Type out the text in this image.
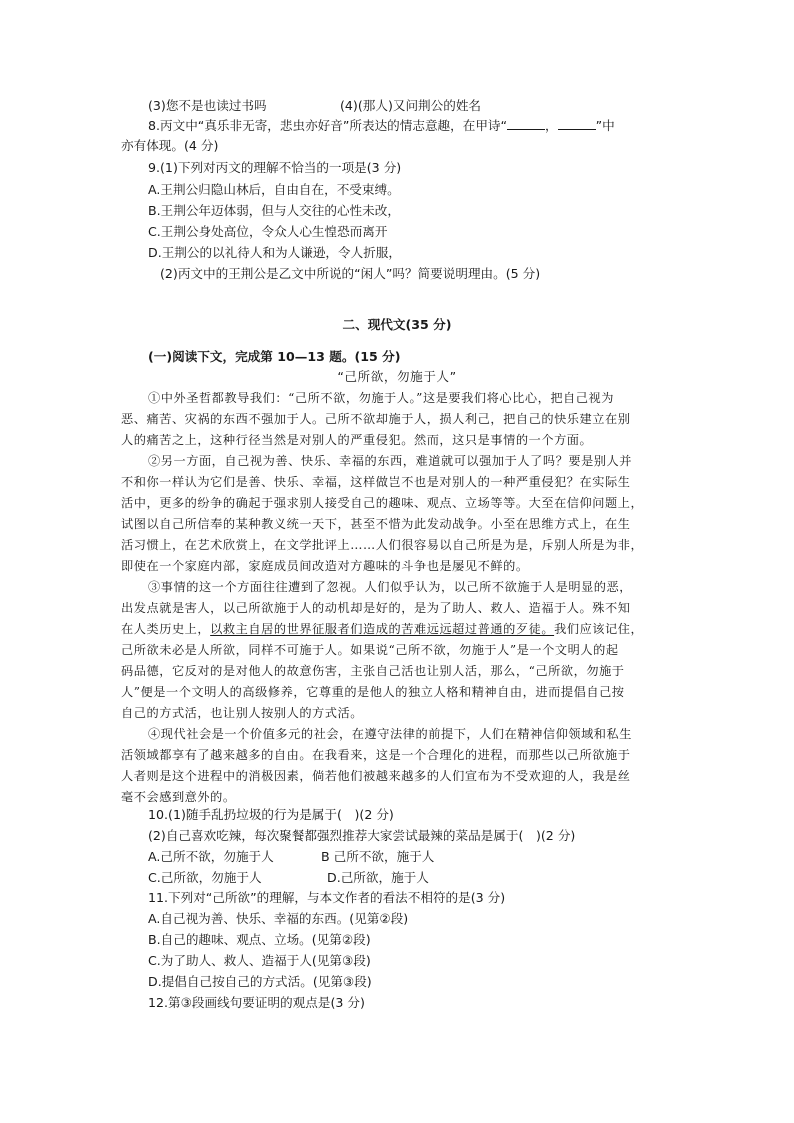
(3)您不是也读过书吗	(4)(那人)又问荆公的姓名
8.丙文中“真乐非无寄，悲虫亦好音”所表达的情志意趣，在甲诗“	，	”中
亦有体现。(4 分)
9.(1)下列对丙文的理解不恰当的一项是(3 分)
A.王荆公归隐山林后，自由自在，不受束缚。
B.王荆公年迈体弱，但与人交往的心性未改，
C.王荆公身处高位，令众人心生惶恐而离开
D.王荆公的以礼待人和为人谦逊，令人折服，
(2)丙文中的王荆公是乙文中所说的“闲人”吗？简要说明理由。(5 分)
二、现代文(35 分)
(一)阅读下文，完成第 10—13 题。(15 分)
“己所欲，勿施于人”
①中外圣哲都教导我们：“己所不欲，勿施于人。”这是要我们将心比心，把自己视为
恶、痛苦、灾祸的东西不强加于人。己所不欲却施于人，损人利己，把自己的快乐建立在别
人的痛苦之上，这种行径当然是对别人的严重侵犯。然而，这只是事情的一个方面。
②另一方面，自己视为善、快乐、幸福的东西，难道就可以强加于人了吗？要是别人并
不和你一样认为它们是善、快乐、幸福，这样做岂不也是对别人的一种严重侵犯？在实际生
活中，更多的纷争的确起于强求别人接受自己的趣味、观点、立场等等。大至在信仰问题上，
试图以自己所信奉的某种教义统一天下，甚至不惜为此发动战争。小至在思维方式上，在生
活习惯上，在艺术欣赏上，在文学批评上……人们很容易以自己所是为是，斥别人所是为非，
即使在一个家庭内部，家庭成员间改造对方趣味的斗争也是屡见不鲜的。
③事情的这一个方面往往遭到了忽视。人们似乎认为，以己所不欲施于人是明显的恶，
出发点就是害人，以己所欲施于人的动机却是好的，是为了助人、救人、造福于人。殊不知
在人类历史上，以救主自居的世界征服者们造成的苦难远远超过普通的歹徒。我们应该记住，
己所欲未必是人所欲，同样不可施于人。如果说“己所不欲，勿施于人”是一个文明人的起
码品德，它反对的是对他人的故意伤害，主张自己活也让别人活，那么，“己所欲，勿施于
人”便是一个文明人的高级修养，它尊重的是他人的独立人格和精神自由，进而提倡自己按
自己的方式活，也让别人按别人的方式活。
④现代社会是一个价值多元的社会，在遵守法律的前提下，人们在精神信仰领域和私生
活领域都享有了越来越多的自由。在我看来，这是一个合理化的进程，而那些以己所欲施于
人者则是这个进程中的消极因素，倘若他们被越来越多的人们宣布为不受欢迎的人，我是丝
毫不会感到意外的。
10.(1)随手乱扔垃圾的行为是属于(　)(2 分)
(2)自己喜欢吃辣，每次聚餐都强烈推荐大家尝试最辣的菜品是属于(　)(2 分)
A.己所不欲，勿施于人	B 己所不欲，施于人
C.己所欲，勿施于人	D.己所欲，施于人
11.下列对“己所欲”的理解，与本文作者的看法不相符的是(3 分)
A.自己视为善、快乐、幸福的东西。(见第②段)
B.自己的趣味、观点、立场。(见第②段)
C.为了助人、救人、造福于人(见第③段)
D.提倡自己按自己的方式活。(见第③段)
12.第③段画线句要证明的观点是(3 分)
